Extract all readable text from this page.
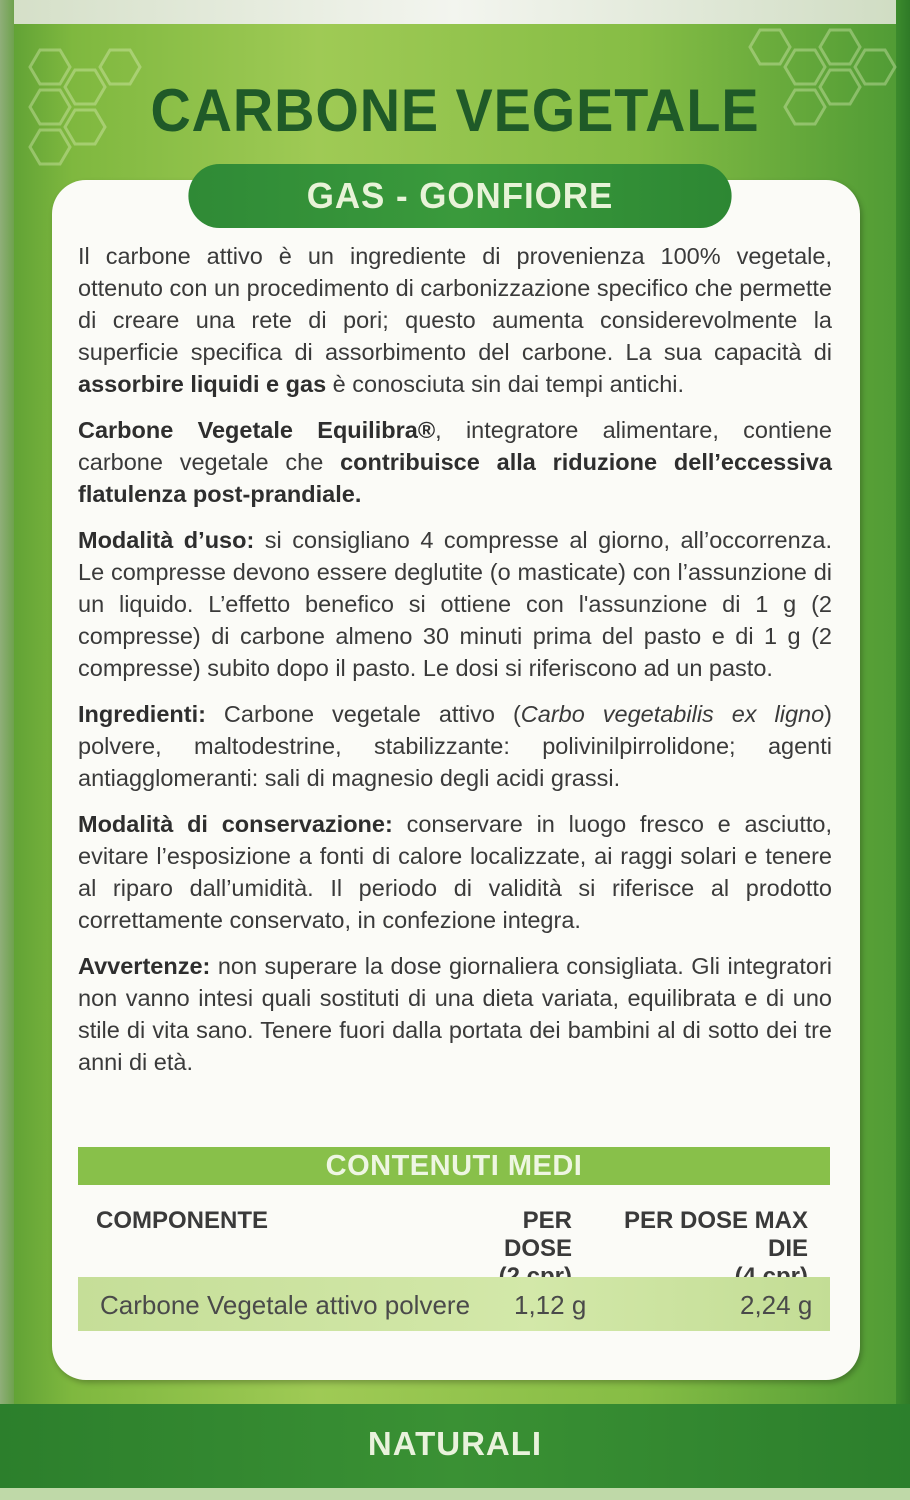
CARBONE VEGETALE
GAS - GONFIORE

Il carbone attivo è un ingrediente di provenienza 100% vegetale, ottenuto con un procedimento di carbonizzazione specifico che permette di creare una rete di pori; questo aumenta considerevolmente la superficie specifica di assorbimento del carbone. La sua capacità di assorbire liquidi e gas è conosciuta sin dai tempi antichi.

Carbone Vegetale Equilibra®, integratore alimentare, contiene carbone vegetale che contribuisce alla riduzione dell’eccessiva flatulenza post-prandiale.

Modalità d’uso: si consigliano 4 compresse al giorno, all’occorrenza. Le compresse devono essere deglutite (o masticate) con l’assunzione di un liquido. L’effetto benefico si ottiene con l'assunzione di 1 g (2 compresse) di carbone almeno 30 minuti prima del pasto e di 1 g (2 compresse) subito dopo il pasto. Le dosi si riferiscono ad un pasto.

Ingredienti: Carbone vegetale attivo (Carbo vegetabilis ex ligno) polvere, maltodestrine, stabilizzante: polivinilpirrolidone; agenti antiagglomeranti: sali di magnesio degli acidi grassi.

Modalità di conservazione: conservare in luogo fresco e asciutto, evitare l’esposizione a fonti di calore localizzate, ai raggi solari e tenere al riparo dall’umidità. Il periodo di validità si riferisce al prodotto correttamente conservato, in confezione integra.

Avvertenze: non superare la dose giornaliera consigliata. Gli integratori non vanno intesi quali sostituti di una dieta variata, equilibrata e di uno stile di vita sano. Tenere fuori dalla portata dei bambini al di sotto dei tre anni di età.

CONTENUTI MEDI
COMPONENTE	PER DOSE
PER DOSE MAX DIE
Carbone Vegetale attivo polvere 1,12 g	2,24 g
NATURALI
